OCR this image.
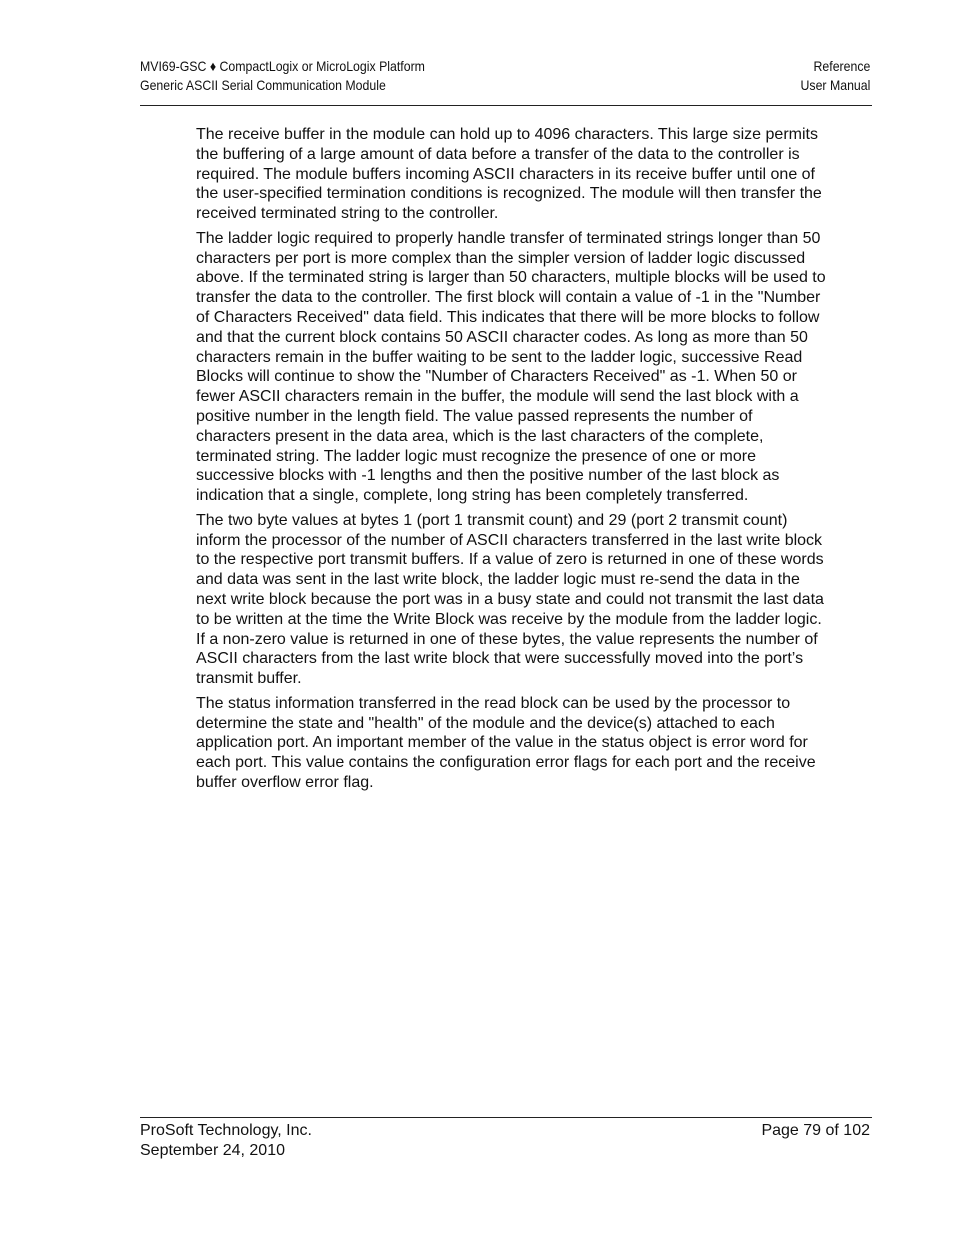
MVI69-GSC ♦ CompactLogix or MicroLogix Platform
Generic ASCII Serial Communication Module
Reference
User Manual

The receive buffer in the module can hold up to 4096 characters. This large size permits the buffering of a large amount of data before a transfer of the data to the controller is required. The module buffers incoming ASCII characters in its receive buffer until one of the user-specified termination conditions is recognized. The module will then transfer the received terminated string to the controller.

The ladder logic required to properly handle transfer of terminated strings longer than 50 characters per port is more complex than the simpler version of ladder logic discussed above. If the terminated string is larger than 50 characters, multiple blocks will be used to transfer the data to the controller. The first block will contain a value of -1 in the "Number of Characters Received" data field. This indicates that there will be more blocks to follow and that the current block contains 50 ASCII character codes. As long as more than 50 characters remain in the buffer waiting to be sent to the ladder logic, successive Read Blocks will continue to show the "Number of Characters Received" as -1. When 50 or fewer ASCII characters remain in the buffer, the module will send the last block with a positive number in the length field. The value passed represents the number of characters present in the data area, which is the last characters of the complete, terminated string. The ladder logic must recognize the presence of one or more successive blocks with -1 lengths and then the positive number of the last block as indication that a single, complete, long string has been completely transferred.

The two byte values at bytes 1 (port 1 transmit count) and 29 (port 2 transmit count) inform the processor of the number of ASCII characters transferred in the last write block to the respective port transmit buffers. If a value of zero is returned in one of these words and data was sent in the last write block, the ladder logic must re-send the data in the next write block because the port was in a busy state and could not transmit the last data to be written at the time the Write Block was receive by the module from the ladder logic. If a non-zero value is returned in one of these bytes, the value represents the number of ASCII characters from the last write block that were successfully moved into the port’s transmit buffer.

The status information transferred in the read block can be used by the processor to determine the state and "health" of the module and the device(s) attached to each application port. An important member of the value in the status object is error word for each port. This value contains the configuration error flags for each port and the receive buffer overflow error flag.

ProSoft Technology, Inc.
September 24, 2010
Page 79 of 102
